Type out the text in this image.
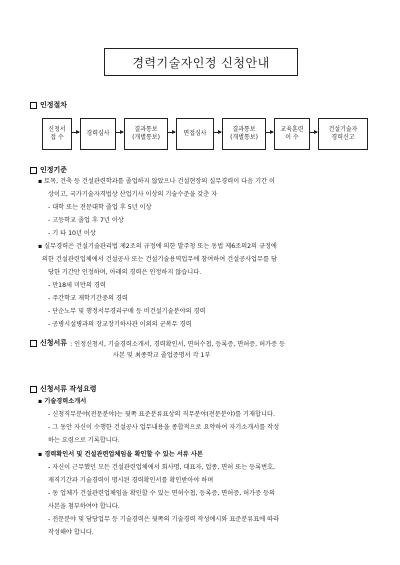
경력기술자인정 신청안내
인정절차
신청서
접 수
경력심사
결과통보
(개별통보)
면접심사
결과통보
(개별통보)
교육훈련
이 수
건설기술자
경력신고
인정기준
▪ 토목, 건축 등 건설관련학과를 졸업하지 않았으나 건설현장의 실무경력이 다음 기간 이
상이고, 국가기술자격법상 산업기사 이상의 기술수준을 갖춘 자
- 대학 또는 전문대학 졸업 후 5년 이상
- 고등학교 졸업 후 7년 이상
- 기 타 10년 이상
▪ 실무경력은 건설기술관리법 제2조의 규정에 의한 발주청 또는 동법 제6조의2의 규정에
의한 건설관련업체에서 건설공사 또는 건설기술용역업무에 참여하여 건설공사업무를 담
당한 기간만 인정하며, 아래의 경력은 인정하지 않습니다.
- 만18세 미만의 경력
- 주간학교 재학기간중의 경력
- 단순노무 및 행정서무경리구매 등 비건설기술분야의 경력
- 공병시설병과의 장교장기하사관 이외의 군복무 경력
신청서류 : 인정신청서, 기술경력소개서, 경력확인서, 면허수첩, 등록증, 면허증, 허가증 등
사본 및 최종학교 졸업증명서 각 1부
신청서류 작성요령
▪ 기술경력소개서
- 신청직무분야(전문분야)는 뒷쪽 표준분류표상의 직무분야(전문분야)를 기재합니다.
- 그 동안 자신이 수행한 건설공사 업무내용을 종합적으로 요약하여 자기소개서를 작성
하는 요령으로 기록합니다.
▪ 경력확인서 및 건설관련업체임을 확인할 수 있는 서류 사본
- 자신이 근무했던 모든 건설관련업체에서 회사명, 대표자, 업종, 면허 또는 등록번호,
재직기간과 기술경력이 명시된 경력확인서를 확인받아야 하며
- 동 업체가 건설관련업체임을 확인할 수 있는 면허수첩, 등록증, 면허증, 허가증 등의
사본을 첨부하여야 합니다.
- 전문분야 및 담당업무 등 기술경력은 뒷쪽의 기술경력 작성예시와 표준분류표에 따라
작성해야 합니다.
